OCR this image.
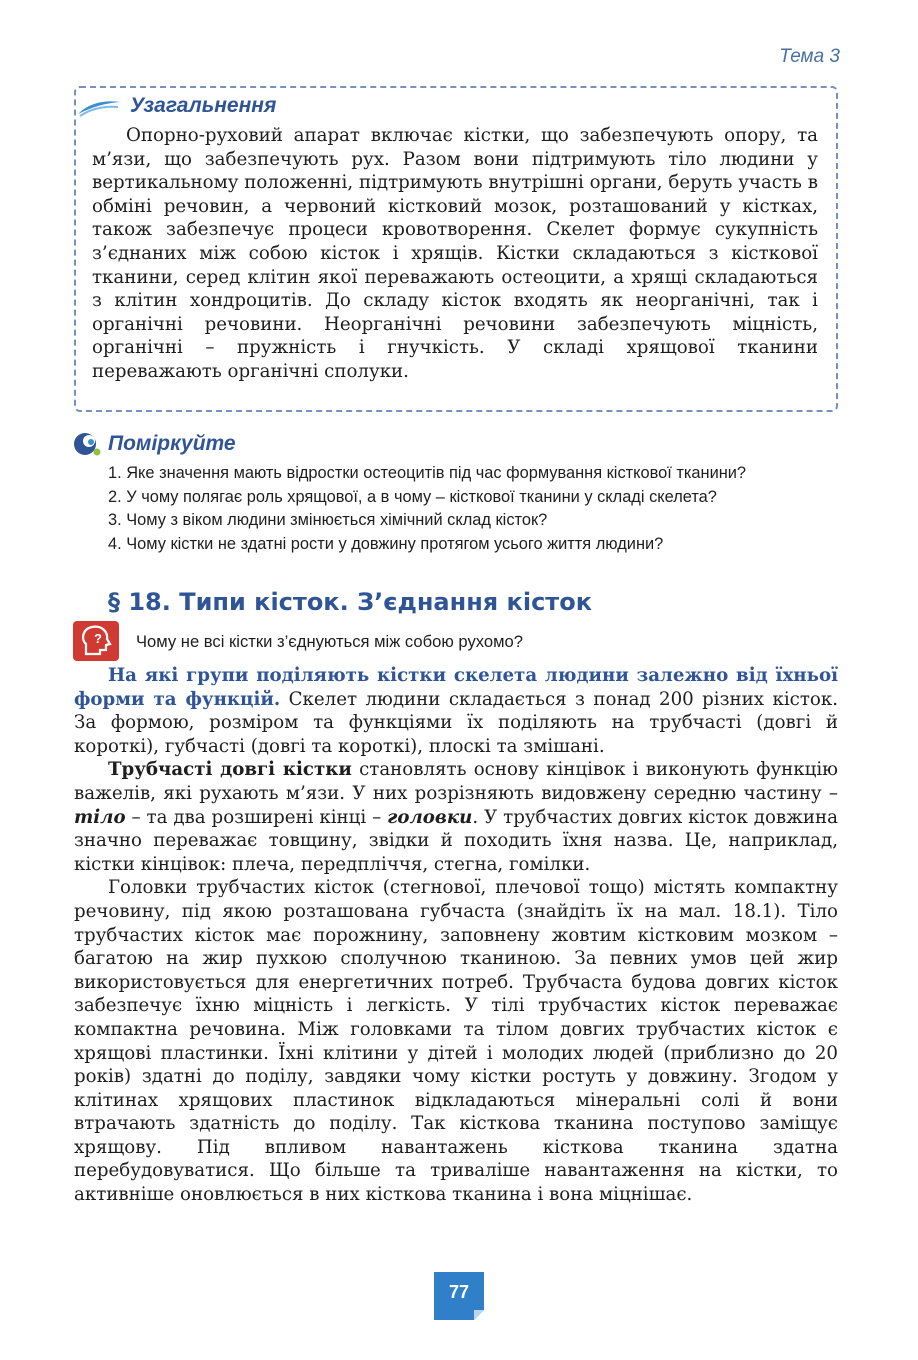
Тема 3
Узагальнення

Опорно-руховий апарат включає кістки, що забезпечують опору, та м’язи, що забезпечують рух. Разом вони підтримують тіло людини у вертикальному положенні, підтримують внутрішні органи, беруть участь в обміні речовин, а червоний кістковий мозок, розташований у кістках, також забезпечує процеси кровотворення. Скелет формує сукупність з’єднаних між собою кісток і хрящів. Кістки складаються з кісткової тканини, серед клітин якої переважають остеоцити, а хрящі складаються з клітин хондроцитів. До складу кісток входять як неорганічні, так і органічні речовини. Неорганічні речовини забезпечують міцність, органічні – пружність і гнучкість. У складі хрящової тканини переважають органічні сполуки.

Поміркуйте
1. Яке значення мають відростки остеоцитів під час формування кісткової тканини?
2. У чому полягає роль хрящової, а в чому – кісткової тканини у складі скелета?
3. Чому з віком людини змінюється хімічний склад кісток?
4. Чому кістки не здатні рости у довжину протягом усього життя людини?
§ 18. Типи кісток. З’єднання кісток
? Чому не всі кістки з’єднуються між собою рухомо?

На які групи поділяють кістки скелета людини залежно від їхньої форми та функцій. Скелет людини складається з понад 200 різних кісток. За формою, розміром та функціями їх поділяють на трубчасті (довгі й короткі), губчасті (довгі та короткі), плоскі та змішані.

Трубчасті довгі кістки становлять основу кінцівок і виконують функцію важелів, які рухають м’язи. У них розрізняють видовжену середню частину – тіло – та два розширені кінці – головки. У трубчастих довгих кісток довжина значно переважає товщину, звідки й походить їхня назва. Це, наприклад, кістки кінцівок: плеча, передпліччя, стегна, гомілки.

Головки трубчастих кісток (стегнової, плечової тощо) містять компактну речовину, під якою розташована губчаста (знайдіть їх на мал. 18.1). Тіло трубчастих кісток має порожнину, заповнену жовтим кістковим мозком – багатою на жир пухкою сполучною тканиною. За певних умов цей жир використовується для енергетичних потреб. Трубчаста будова довгих кісток забезпечує їхню міцність і легкість. У тілі трубчастих кісток переважає компактна речовина. Між головками та тілом довгих трубчастих кісток є хрящові пластинки. Їхні клітини у дітей і молодих людей (приблизно до 20 років) здатні до поділу, завдяки чому кістки ростуть у довжину. Згодом у клітинах хрящових пластинок відкладаються мінеральні солі й вони втрачають здатність до поділу. Так кісткова тканина поступово заміщує хрящову. Під впливом навантажень кісткова тканина здатна перебудовуватися. Що більше та триваліше навантаження на кістки, то активніше оновлюється в них кісткова тканина і вона міцнішає.

77
